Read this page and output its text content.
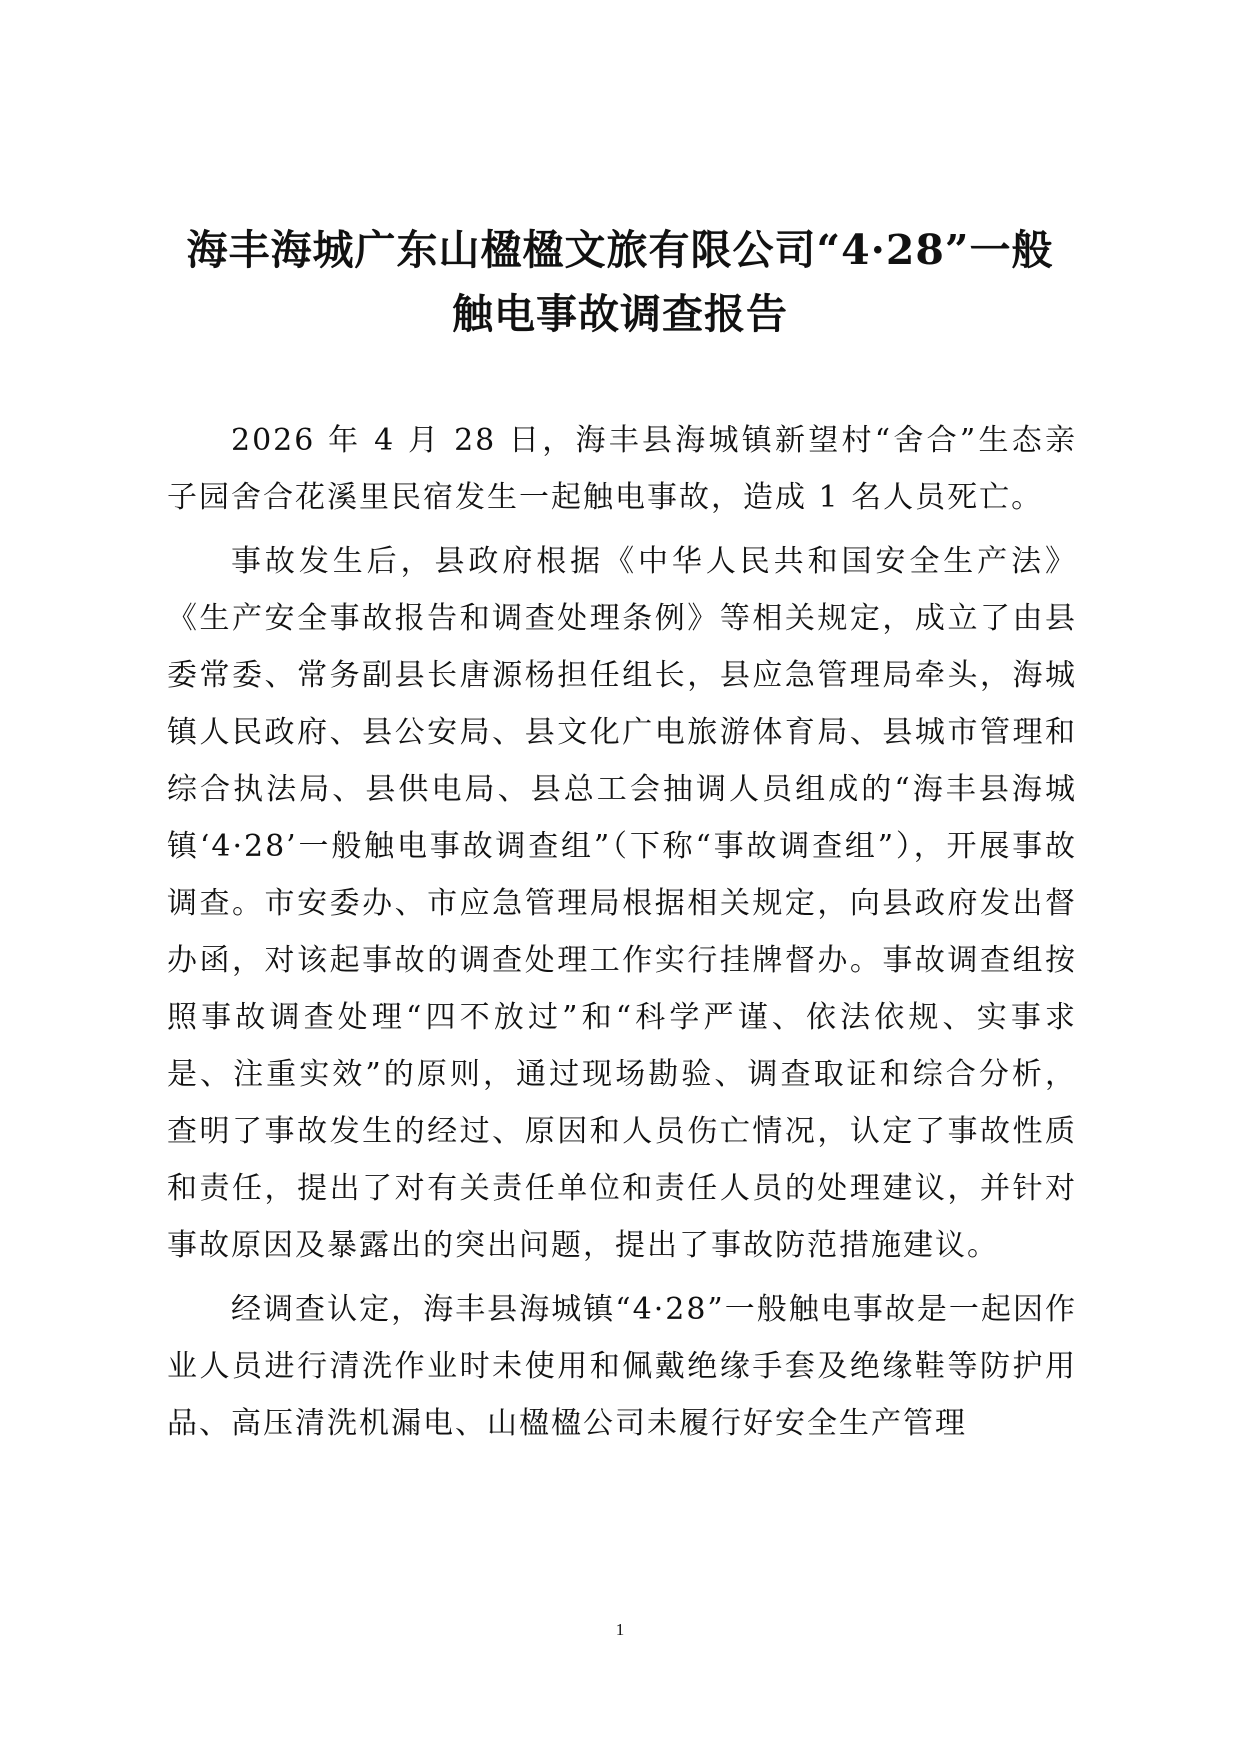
海丰海城广东山楹楹文旅有限公司“4·28”一般
触电事故调查报告

2026 年 4 月 28 日，海丰县海城镇新望村“舍合”生态亲子园舍合花溪里民宿发生一起触电事故，造成 1 名人员死亡。

事故发生后，县政府根据《中华人民共和国安全生产法》《生产安全事故报告和调查处理条例》等相关规定，成立了由县委常委、常务副县长唐源杨担任组长，县应急管理局牵头，海城镇人民政府、县公安局、县文化广电旅游体育局、县城市管理和综合执法局、县供电局、县总工会抽调人员组成的“海丰县海城镇‘4·28’一般触电事故调查组”（下称“事故调查组”），开展事故调查。市安委办、市应急管理局根据相关规定，向县政府发出督办函，对该起事故的调查处理工作实行挂牌督办。事故调查组按照事故调查处理“四不放过”和“科学严谨、依法依规、实事求是、注重实效”的原则，通过现场勘验、调查取证和综合分析，查明了事故发生的经过、原因和人员伤亡情况，认定了事故性质和责任，提出了对有关责任单位和责任人员的处理建议，并针对事故原因及暴露出的突出问题，提出了事故防范措施建议。

经调查认定，海丰县海城镇“4·28”一般触电事故是一起因作业人员进行清洗作业时未使用和佩戴绝缘手套及绝缘鞋等防护用品、高压清洗机漏电、山楹楹公司未履行好安全生产管理

1
